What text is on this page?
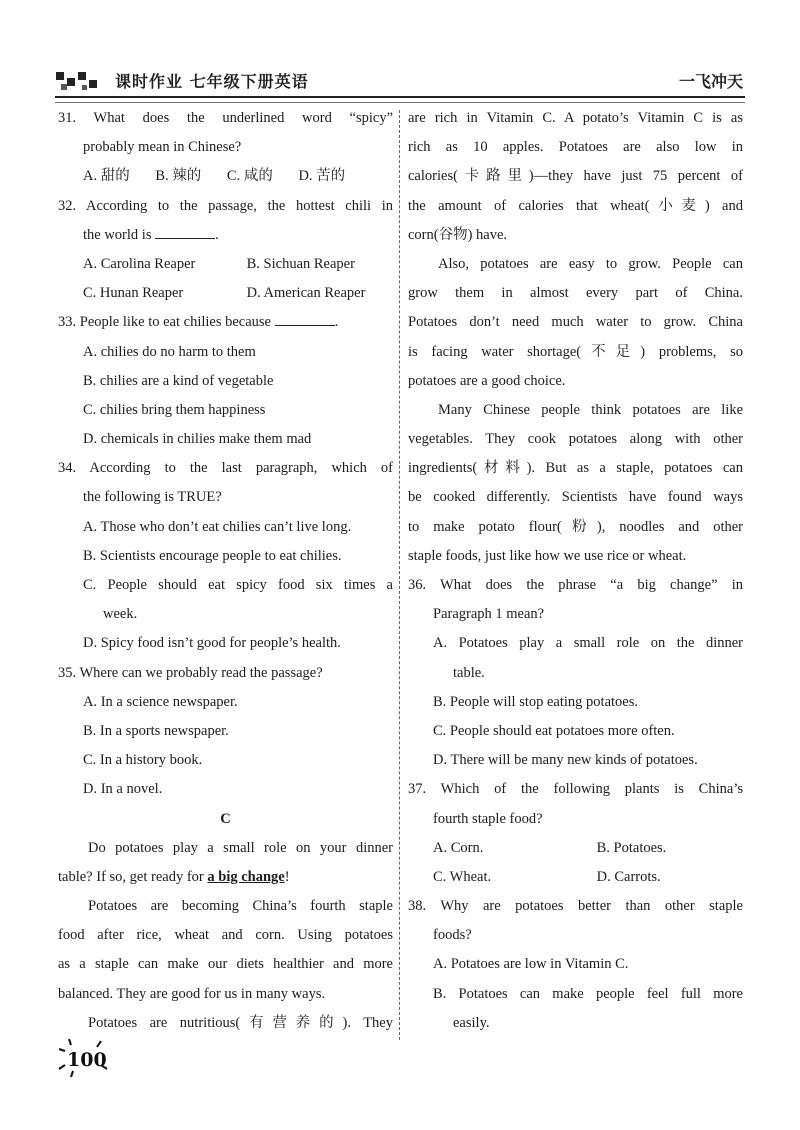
课时作业 七年级下册英语	一飞冲天
31. What does the underlined word “spicy”
probably mean in Chinese?
A. 甜的 B. 辣的 C. 咸的 D. 苦的
32. According to the passage, the hottest chili in
the world is	.
A. Carolina Reaper	B. Sichuan Reaper
C. Hunan Reaper	D. American Reaper
33. People like to eat chilies because	.
A. chilies do no harm to them
B. chilies are a kind of vegetable
C. chilies bring them happiness
D. chemicals in chilies make them mad
34. According to the last paragraph, which of
the following is TRUE?
A. Those who don’t eat chilies can’t live long.
B. Scientists encourage people to eat chilies.
C. People should eat spicy food six times a
week.
D. Spicy food isn’t good for people’s health.
35. Where can we probably read the passage?
A. In a science newspaper.
B. In a sports newspaper.
C. In a history book.
D. In a novel.
C
Do potatoes play a small role on your dinner
table? If so, get ready for a big change!
Potatoes are becoming China’s fourth staple
food after rice, wheat and corn. Using potatoes
as a staple can make our diets healthier and more
balanced. They are good for us in many ways.
Potatoes are nutritious(有营养的). They
are rich in Vitamin C. A potato’s Vitamin C is as
rich as 10 apples. Potatoes are also low in
calories(卡路里)—they have just 75 percent of
the amount of calories that wheat(小麦) and
corn(谷物) have.
Also, potatoes are easy to grow. People can
grow them in almost every part of China.
Potatoes don’t need much water to grow. China
is facing water shortage(不足) problems, so
potatoes are a good choice.
Many Chinese people think potatoes are like
vegetables. They cook potatoes along with other
ingredients(材料). But as a staple, potatoes can
be cooked differently. Scientists have found ways
to make potato flour(粉), noodles and other
staple foods, just like how we use rice or wheat.
36. What does the phrase “a big change” in
Paragraph 1 mean?
A. Potatoes play a small role on the dinner
table.
B. People will stop eating potatoes.
C. People should eat potatoes more often.
D. There will be many new kinds of potatoes.
37. Which of the following plants is China’s
fourth staple food?
A. Corn.	B. Potatoes.
C. Wheat.	D. Carrots.
38. Why are potatoes better than other staple
foods?
A. Potatoes are low in Vitamin C.
B. Potatoes can make people feel full more
easily.
100
